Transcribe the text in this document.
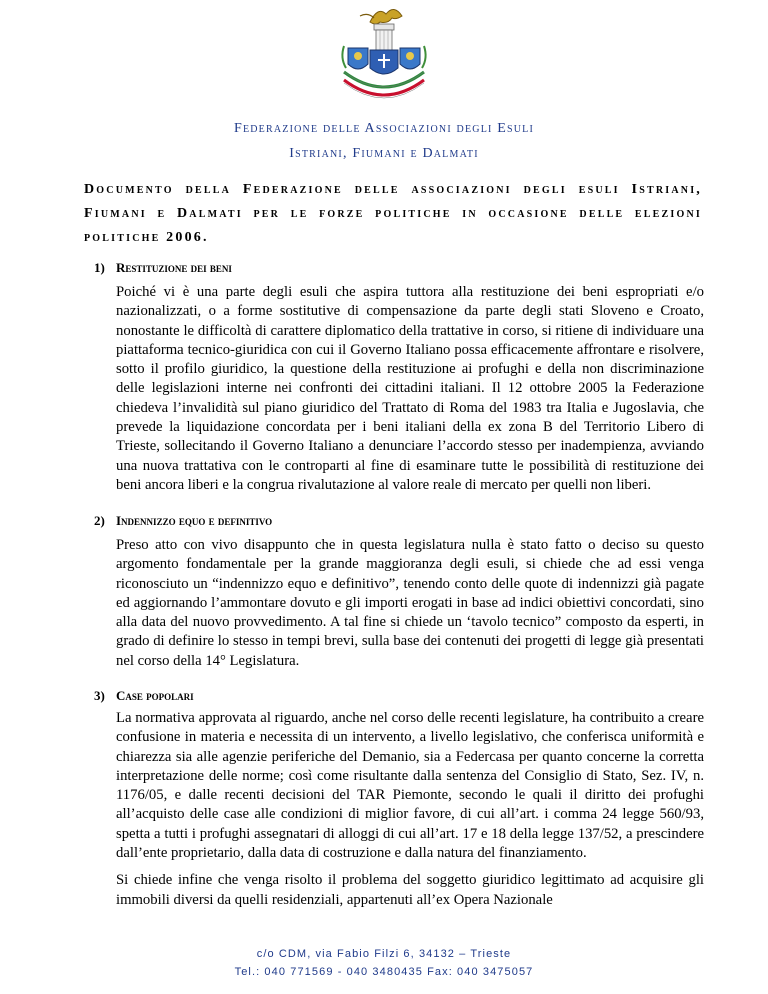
Federazione delle Associazioni degli Esuli
Istriani, Fiumani e Dalmati
Documento della Federazione delle associazioni degli esuli Istriani, Fiumani e Dalmati per le forze politiche in occasione delle elezioni politiche 2006.
1) Restituzione dei beni
Poiché vi è una parte degli esuli che aspira tuttora alla restituzione dei beni espropriati e/o nazionalizzati, o a forme sostitutive di compensazione da parte degli stati Sloveno e Croato, nonostante le difficoltà di carattere diplomatico della trattative in corso, si ritiene di individuare una piattaforma tecnico-giuridica con cui il Governo Italiano possa efficacemente affrontare e risolvere, sotto il profilo giuridico, la questione della restituzione ai profughi e della non discriminazione delle legislazioni interne nei confronti dei cittadini italiani. Il 12 ottobre 2005 la Federazione chiedeva l’invalidità sul piano giuridico del Trattato di Roma del 1983 tra Italia e Jugoslavia, che prevede la liquidazione concordata per i beni italiani della ex zona B del Territorio Libero di Trieste, sollecitando il Governo Italiano a denunciare l’accordo stesso per inadempienza, avviando una nuova trattativa con le controparti al fine di esaminare tutte le possibilità di restituzione dei beni ancora liberi e la congrua rivalutazione al valore reale di mercato per quelli non liberi.
2) Indennizzo equo e definitivo
Preso atto con vivo disappunto che in questa legislatura nulla è stato fatto o deciso su questo argomento fondamentale per la grande maggioranza degli esuli, si chiede che ad essi venga riconosciuto un “indennizzo equo e definitivo”, tenendo conto delle quote di indennizzi già pagate ed aggiornando l’ammontare dovuto e gli importi erogati in base ad indici obiettivi concordati, sino alla data del nuovo provvedimento. A tal fine si chiede un ‘tavolo tecnico” composto da esperti, in grado di definire lo stesso in tempi brevi, sulla base dei contenuti dei progetti di legge già presentati nel corso della 14° Legislatura.
3) Case popolari
La normativa approvata al riguardo, anche nel corso delle recenti legislature, ha contribuito a creare confusione in materia e necessita di un intervento, a livello legislativo, che conferisca uniformità e chiarezza sia alle agenzie periferiche del Demanio, sia a Federcasa per quanto concerne la corretta interpretazione delle norme; così come risultante dalla sentenza del Consiglio di Stato, Sez. IV, n. 1176/05, e dalle recenti decisioni del TAR Piemonte, secondo le quali il diritto dei profughi all’acquisto delle case alle condizioni di miglior favore, di cui all’art. i comma 24 legge 560/93, spetta a tutti i profughi assegnatari di alloggi di cui all’art. 17 e 18 della legge 137/52, a prescindere dall’ente proprietario, dalla data di costruzione e dalla natura del finanziamento.
Si chiede infine che venga risolto il problema del soggetto giuridico legittimato ad acquisire gli immobili diversi da quelli residenziali, appartenuti all’ex Opera Nazionale
c/o CDM, via Fabio Filzi 6, 34132 – Trieste
Tel.: 040 771569 - 040 3480435 Fax: 040 3475057
